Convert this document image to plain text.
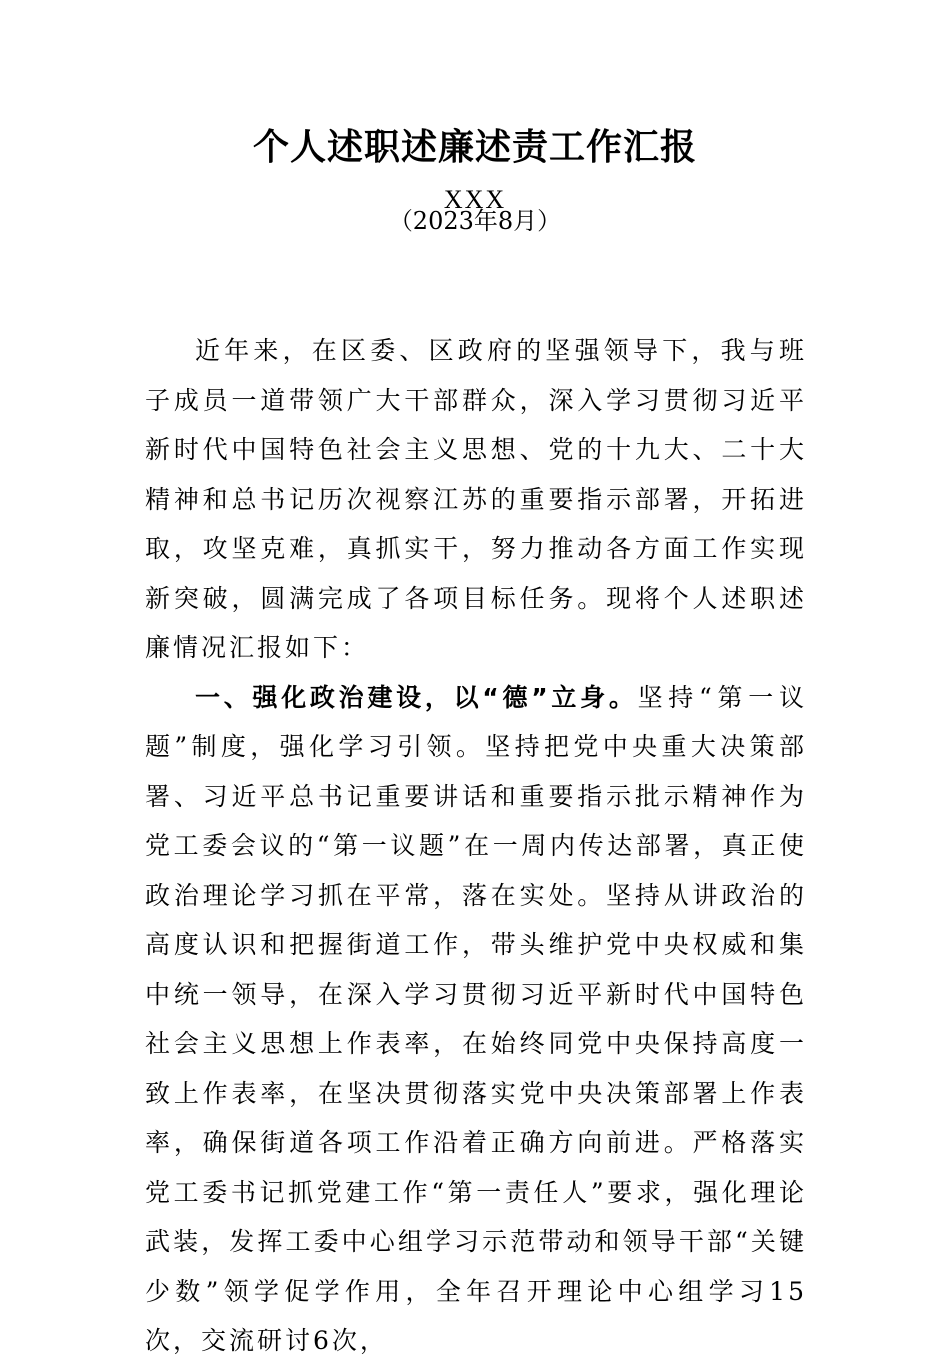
个人述职述廉述责工作汇报
XXX
（2023年8月）

近年来，在区委、区政府的坚强领导下，我与班子成员一道带领广大干部群众，深入学习贯彻习近平新时代中国特色社会主义思想、党的十九大、二十大精神和总书记历次视察江苏的重要指示部署，开拓进取，攻坚克难，真抓实干，努力推动各方面工作实现新突破，圆满完成了各项目标任务。现将个人述职述廉情况汇报如下：

一、强化政治建设，以“德”立身。坚持“第一议题”制度，强化学习引领。坚持把党中央重大决策部署、习近平总书记重要讲话和重要指示批示精神作为党工委会议的“第一议题”在一周内传达部署，真正使政治理论学习抓在平常，落在实处。坚持从讲政治的高度认识和把握街道工作，带头维护党中央权威和集中统一领导，在深入学习贯彻习近平新时代中国特色社会主义思想上作表率，在始终同党中央保持高度一致上作表率，在坚决贯彻落实党中央决策部署上作表率，确保街道各项工作沿着正确方向前进。严格落实党工委书记抓党建工作“第一责任人”要求，强化理论武装，发挥工委中心组学习示范带动和领导干部“关键少数”领学促学作用，全年召开理论中心组学习15次，交流研讨6次，
